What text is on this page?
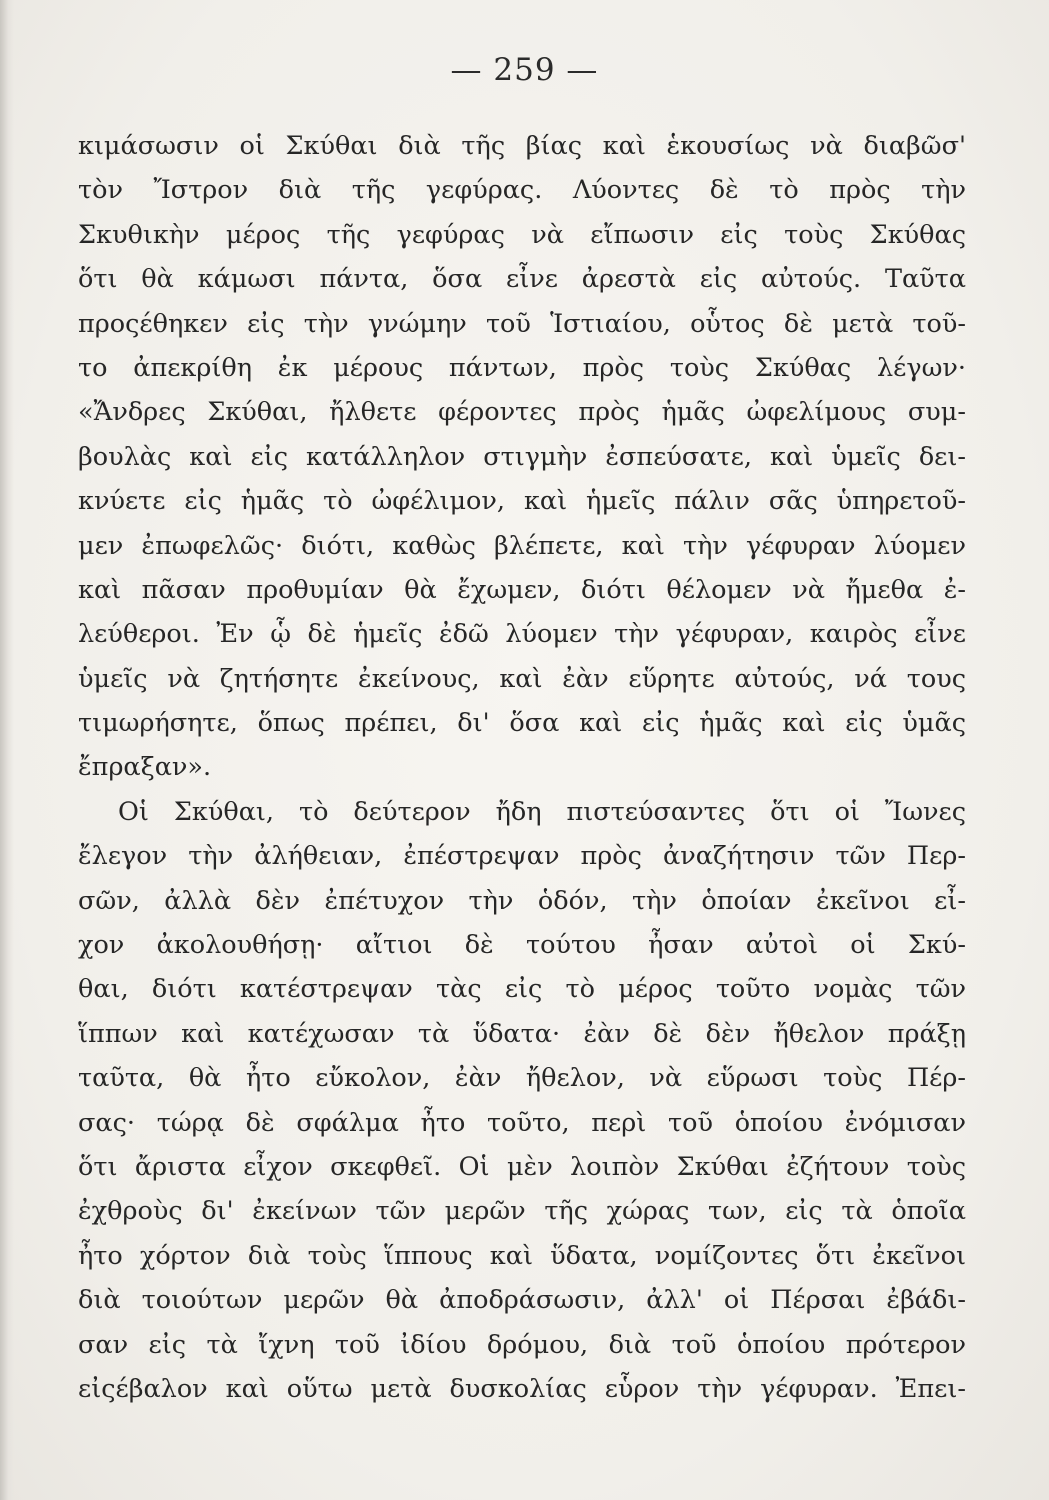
— 259 —
κιμάσωσιν οἱ Σκύθαι διὰ τῆς βίας καὶ ἑκουσίως νὰ διαβῶσ'
τὸν Ἴστρον διὰ τῆς γεφύρας. Λύοντες δὲ τὸ πρὸς τὴν
Σκυθικὴν μέρος τῆς γεφύρας νὰ εἴπωσιν εἰς τοὺς Σκύθας
ὅτι θὰ κάμωσι πάντα, ὅσα εἶνε ἀρεστὰ εἰς αὐτούς. Ταῦτα
προςέθηκεν εἰς τὴν γνώμην τοῦ Ἱστιαίου, οὗτος δὲ μετὰ τοῦ-
το ἀπεκρίθη ἐκ μέρους πάντων, πρὸς τοὺς Σκύθας λέγων·
«Ἄνδρες Σκύθαι, ἤλθετε φέροντες πρὸς ἡμᾶς ὠφελίμους συμ-
βουλὰς καὶ εἰς κατάλληλον στιγμὴν ἐσπεύσατε, καὶ ὑμεῖς δει-
κνύετε εἰς ἡμᾶς τὸ ὠφέλιμον, καὶ ἡμεῖς πάλιν σᾶς ὑπηρετοῦ-
μεν ἐπωφελῶς· διότι, καθὼς βλέπετε, καὶ τὴν γέφυραν λύομεν
καὶ πᾶσαν προθυμίαν θὰ ἔχωμεν, διότι θέλομεν νὰ ἤμεθα ἐ-
λεύθεροι. Ἐν ᾧ δὲ ἡμεῖς ἐδῶ λύομεν τὴν γέφυραν, καιρὸς εἶνε
ὑμεῖς νὰ ζητήσητε ἐκείνους, καὶ ἐὰν εὕρητε αὐτούς, νά τους
τιμωρήσητε, ὅπως πρέπει, δι' ὅσα καὶ εἰς ἡμᾶς καὶ εἰς ὑμᾶς
ἔπραξαν».
Οἱ Σκύθαι, τὸ δεύτερον ἤδη πιστεύσαντες ὅτι οἱ Ἴωνες
ἔλεγον τὴν ἀλήθειαν, ἐπέστρεψαν πρὸς ἀναζήτησιν τῶν Περ-
σῶν, ἀλλὰ δὲν ἐπέτυχον τὴν ὁδόν, τὴν ὁποίαν ἐκεῖνοι εἶ-
χον ἀκολουθήσῃ· αἴτιοι δὲ τούτου ἦσαν αὐτοὶ οἱ Σκύ-
θαι, διότι κατέστρεψαν τὰς εἰς τὸ μέρος τοῦτο νομὰς τῶν
ἵππων καὶ κατέχωσαν τὰ ὕδατα· ἐὰν δὲ δὲν ἤθελον πράξῃ
ταῦτα, θὰ ἦτο εὔκολον, ἐὰν ἤθελον, νὰ εὕρωσι τοὺς Πέρ-
σας· τώρᾳ δὲ σφάλμα ἦτο τοῦτο, περὶ τοῦ ὁποίου ἐνόμισαν
ὅτι ἄριστα εἶχον σκεφθεῖ. Οἱ μὲν λοιπὸν Σκύθαι ἐζήτουν τοὺς
ἐχθροὺς δι' ἐκείνων τῶν μερῶν τῆς χώρας των, εἰς τὰ ὁποῖα
ἦτο χόρτον διὰ τοὺς ἵππους καὶ ὕδατα, νομίζοντες ὅτι ἐκεῖνοι
διὰ τοιούτων μερῶν θὰ ἀποδράσωσιν, ἀλλ' οἱ Πέρσαι ἐβάδι-
σαν εἰς τὰ ἴχνη τοῦ ἰδίου δρόμου, διὰ τοῦ ὁποίου πρότερον
εἰςέβαλον καὶ οὕτω μετὰ δυσκολίας εὗρον τὴν γέφυραν. Ἐπει-
